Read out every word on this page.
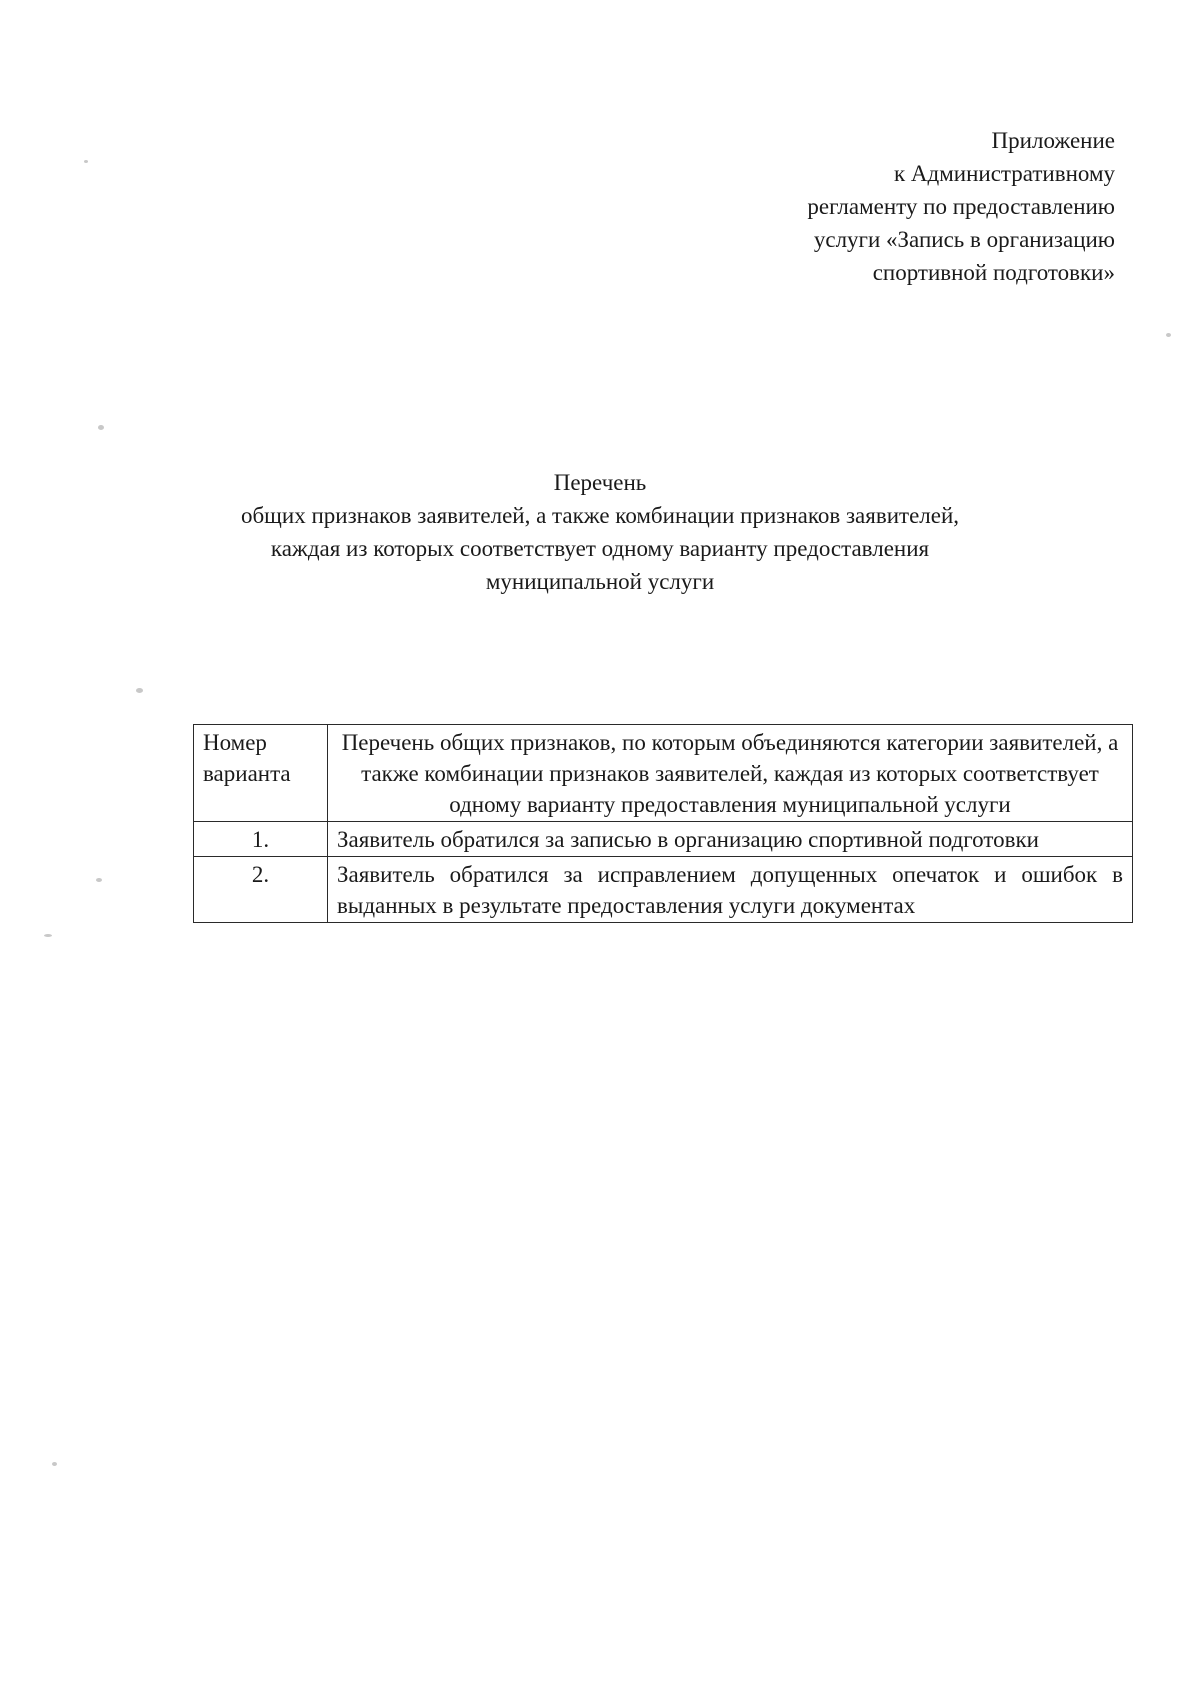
Приложение
к Административному
регламенту по предоставлению
услуги «Запись в организацию
спортивной подготовки»
Перечень
общих признаков заявителей, а также комбинации признаков заявителей,
каждая из которых соответствует одному варианту предоставления
муниципальной услуги
Номер варианта	Перечень общих признаков, по которым объединяются категории заявителей, а также комбинации признаков заявителей, каждая из которых соответствует одному варианту предоставления муниципальной услуги
1.	Заявитель обратился за записью в организацию спортивной подготовки
2.	Заявитель обратился за исправлением допущенных опечаток и ошибок в выданных в результате предоставления услуги документах
